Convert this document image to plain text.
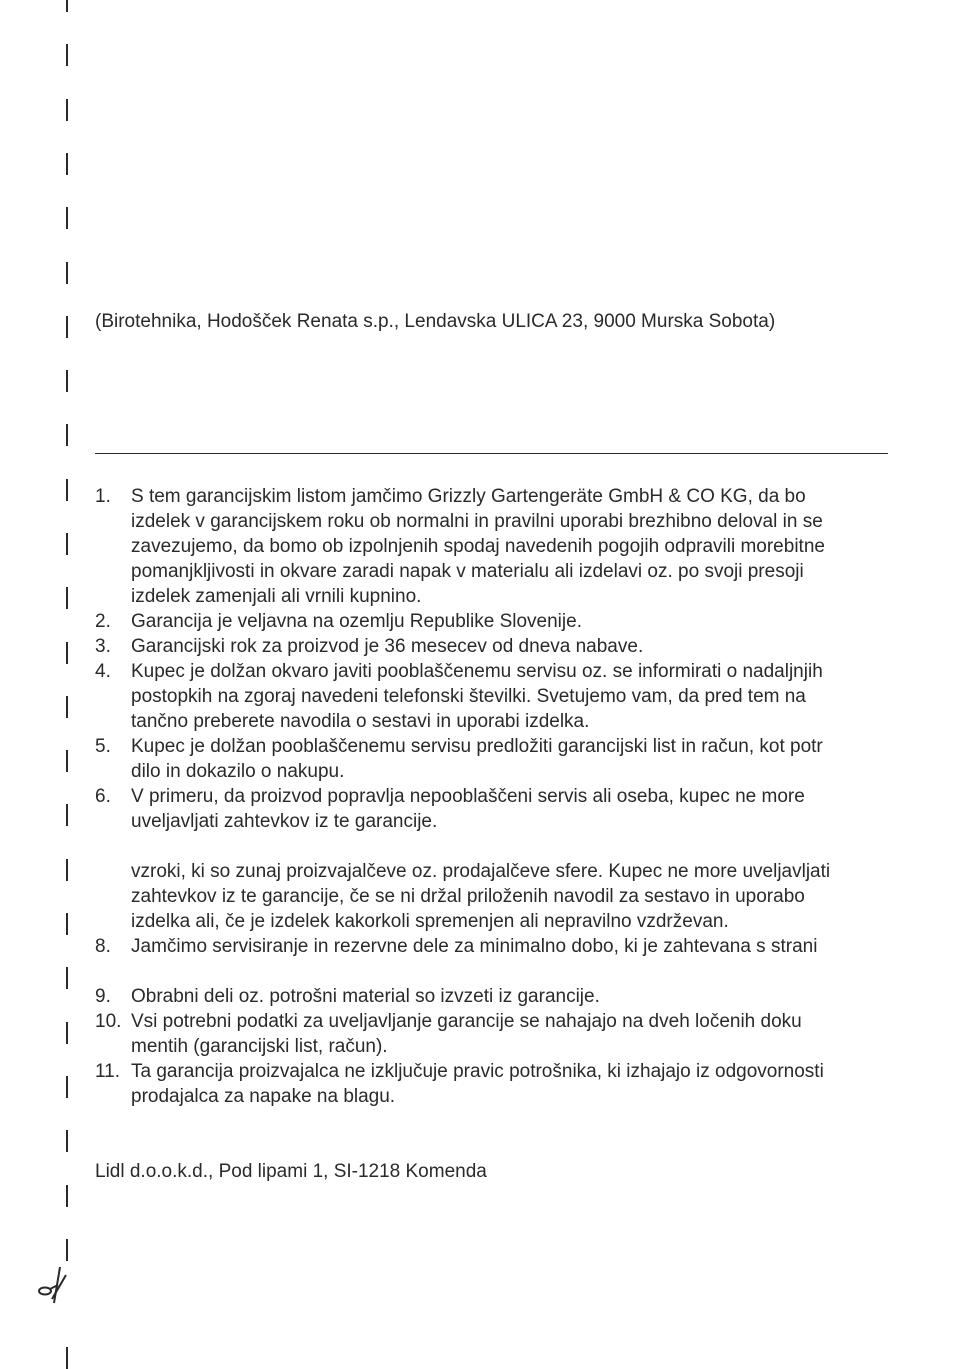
(Birotehnika, Hodošček Renata s.p., Lendavska ULICA 23, 9000 Murska Sobota)

1.	S tem garancijskim listom jamčimo Grizzly Gartengeräte GmbH & CO KG, da bo
izdelek v garancijskem roku ob normalni in pravilni uporabi brezhibno deloval in se
zavezujemo, da bomo ob izpolnjenih spodaj navedenih pogojih odpravili morebitne
pomanjkljivosti in okvare zaradi napak v materialu ali izdelavi oz. po svoji presoji
izdelek zamenjali ali vrnili kupnino.
2.	Garancija je veljavna na ozemlju Republike Slovenije.
3.	Garancijski rok za proizvod je 36 mesecev od dneva nabave.
4.	Kupec je dolžan okvaro javiti pooblaščenemu servisu oz. se informirati o nadaljnjih
postopkih na zgoraj navedeni telefonski številki. Svetujemo vam, da pred tem na
tančno preberete navodila o sestavi in uporabi izdelka.
5.	Kupec je dolžan pooblaščenemu servisu predložiti garancijski list in račun, kot potr
dilo in dokazilo o nakupu.
6.	V primeru, da proizvod popravlja nepooblaščeni servis ali oseba, kupec ne more
uveljavljati zahtevkov iz te garancije.
vzroki, ki so zunaj proizvajalčeve oz. prodajalčeve sfere. Kupec ne more uveljavljati
zahtevkov iz te garancije, če se ni držal priloženih navodil za sestavo in uporabo
izdelka ali, če je izdelek kakorkoli spremenjen ali nepravilno vzdrževan.
8.	Jamčimo servisiranje in rezervne dele za minimalno dobo, ki je zahtevana s strani
9.	Obrabni deli oz. potrošni material so izvzeti iz garancije.
10. Vsi potrebni podatki za uveljavljanje garancije se nahajajo na dveh ločenih doku
mentih (garancijski list, račun).
11. Ta garancija proizvajalca ne izključuje pravic potrošnika, ki izhajajo iz odgovornosti
prodajalca za napake na blagu.

Lidl d.o.o.k.d., Pod lipami 1, SI-1218 Komenda
